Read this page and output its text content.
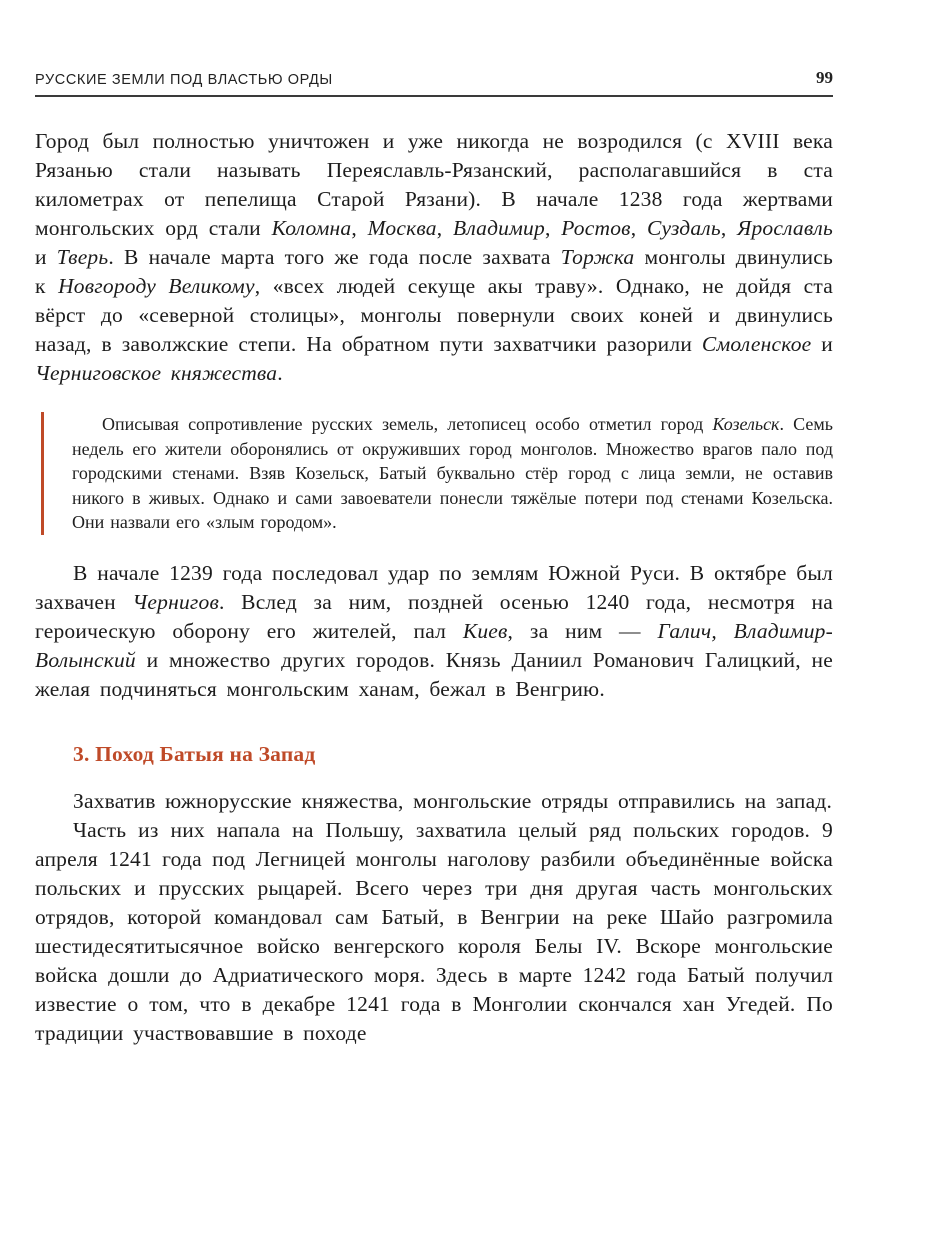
РУССКИЕ ЗЕМЛИ ПОД ВЛАСТЬЮ ОРДЫ	99

Город был полностью уничтожен и уже никогда не возродился (с XVIII века Рязанью стали называть Переяславль-Рязанский, располагавшийся в ста километрах от пепелища Старой Рязани). В начале 1238 года жертвами монгольских орд стали Коломна, Москва, Владимир, Ростов, Суздаль, Ярославль и Тверь. В начале марта того же года после захвата Торжка монголы двинулись к Новгороду Великому, «всех людей секуще акы траву». Однако, не дойдя ста вёрст до «северной столицы», монголы повернули своих коней и двинулись назад, в заволжские степи. На обратном пути захватчики разорили Смоленское и Черниговское княжества.

Описывая сопротивление русских земель, летописец особо отметил город Козельск. Семь недель его жители оборонялись от окруживших город монголов. Множество врагов пало под городскими стенами. Взяв Козельск, Батый буквально стёр город с лица земли, не оставив никого в живых. Однако и сами завоеватели понесли тяжёлые потери под стенами Козельска. Они назвали его «злым городом».

В начале 1239 года последовал удар по землям Южной Руси. В октябре был захвачен Чернигов. Вслед за ним, поздней осенью 1240 года, несмотря на героическую оборону его жителей, пал Киев, за ним — Галич, Владимир-Волынский и множество других городов. Князь Даниил Романович Галицкий, не желая подчиняться монгольским ханам, бежал в Венгрию.

3. Поход Батыя на Запад

Захватив южнорусские княжества, монгольские отряды отправились на запад.

Часть из них напала на Польшу, захватила целый ряд польских городов. 9 апреля 1241 года под Легницей монголы наголову разбили объединённые войска польских и прусских рыцарей. Всего через три дня другая часть монгольских отрядов, которой командовал сам Батый, в Венгрии на реке Шайо разгромила шестидесятитысячное войско венгерского короля Белы IV. Вскоре монгольские войска дошли до Адриатического моря. Здесь в марте 1242 года Батый получил известие о том, что в декабре 1241 года в Монголии скончался хан Угедей. По традиции участвовавшие в походе
